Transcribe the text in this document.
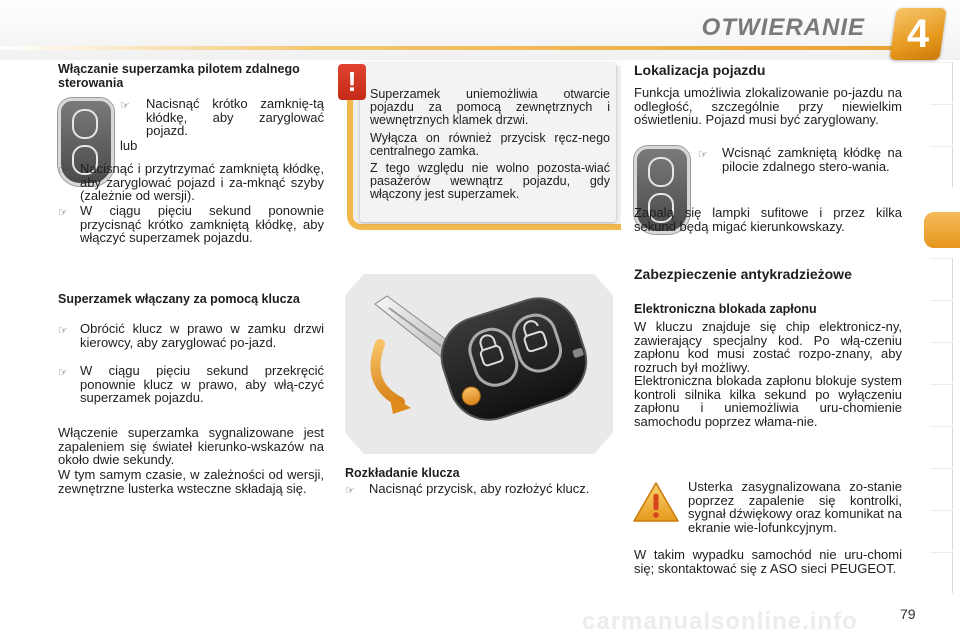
OTWIERANIE	4
Włączanie superzamka pilotem zdalnego sterowania
☞ Nacisnąć krótko zamknię-tą kłódkę, aby zaryglować pojazd.
lub
☞ Nacisnąć i przytrzymać zamkniętą kłódkę, aby zaryglować pojazd i za-mknąć szyby (zależnie od wersji).
☞ W ciągu pięciu sekund ponownie przycisnąć krótko zamkniętą kłódkę, aby włączyć superzamek pojazdu.
Superzamek włączany za pomocą klucza
☞ Obrócić klucz w prawo w zamku drzwi kierowcy, aby zaryglować po-jazd.
☞ W ciągu pięciu sekund przekręcić ponownie klucz w prawo, aby włą-czyć superzamek pojazdu.
Włączenie superzamka sygnalizowane jest zapaleniem się świateł kierunko-wskazów na około dwie sekundy.
W tym samym czasie, w zależności od wersji, zewnętrzne lusterka wsteczne składają się.
!	Superzamek uniemożliwia otwarcie pojazdu za pomocą zewnętrznych i wewnętrznych klamek drzwi.
Wyłącza on również przycisk ręcz-nego centralnego zamka.
Z tego względu nie wolno pozosta-wiać pasażerów wewnątrz pojazdu, gdy włączony jest superzamek.
Rozkładanie klucza
☞ Nacisnąć przycisk, aby rozłożyć klucz.
Lokalizacja pojazdu
Funkcja umożliwia zlokalizowanie po-jazdu na odległość, szczególnie przy niewielkim oświetleniu. Pojazd musi być zaryglowany.
☞ Wcisnąć zamkniętą kłódkę na pilocie zdalnego stero-wania.
Zapalą się lampki sufitowe i przez kilka sekund będą migać kierunkowskazy.
Zabezpieczenie antykradzieżowe
Elektroniczna blokada zapłonu
W kluczu znajduje się chip elektronicz-ny, zawierający specjalny kod. Po włą-czeniu zapłonu kod musi zostać rozpo-znany, aby rozruch był możliwy.
Elektroniczna blokada zapłonu blokuje system kontroli silnika kilka sekund po wyłączeniu zapłonu i uniemożliwia uru-chomienie samochodu poprzez włama-nie.
Usterka zasygnalizowana zo-stanie poprzez zapalenie się kontrolki, sygnał dźwiękowy oraz komunikat na ekranie wie-lofunkcyjnym.
W takim wypadku samochód nie uru-chomi się; skontaktować się z ASO sieci PEUGEOT.
79
carmanualsonline.info
